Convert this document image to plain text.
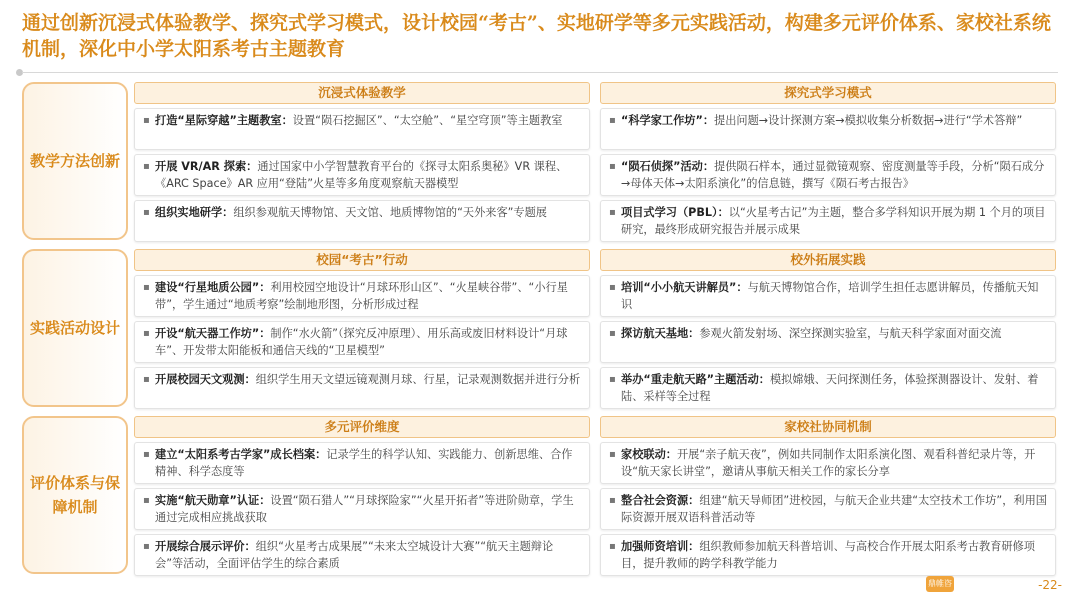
通过创新沉浸式体验教学、探究式学习模式，设计校园“考古”、实地研学等多元实践活动，构建多元评价体系、家校社系统机制，深化中小学太阳系考古主题教育
教学方法创新
沉浸式体验教学
▪ 打造“星际穿越”主题教室：设置“陨石挖掘区”、“太空舱”、“星空穹顶”等主题教室
▪ 开展 VR/AR 探索：通过国家中小学智慧教育平台的《探寻太阳系奥秘》VR 课程、《ARC Space》AR 应用“登陆”火星等多角度观察航天器模型
▪ 组织实地研学：组织参观航天博物馆、天文馆、地质博物馆的“天外来客”专题展
探究式学习模式
▪ “科学家工作坊”：提出问题→设计探测方案→模拟收集分析数据→进行“学术答辩”
▪ “陨石侦探”活动：提供陨石样本，通过显微镜观察、密度测量等手段，分析“陨石成分→母体天体→太阳系演化”的信息链，撰写《陨石考古报告》
▪ 项目式学习（PBL）：以“火星考古记”为主题，整合多学科知识开展为期 1 个月的项目研究，最终形成研究报告并展示成果
实践活动设计
校园“考古”行动
▪ 建设“行星地质公园”：利用校园空地设计“月球环形山区”、“火星峡谷带”、“小行星带”，学生通过“地质考察”绘制地形图，分析形成过程
▪ 开设“航天器工作坊”：制作“水火箭”（探究反冲原理）、用乐高或废旧材料设计“月球车”、开发带太阳能板和通信天线的“卫星模型”
▪ 开展校园天文观测：组织学生用天文望远镜观测月球、行星，记录观测数据并进行分析
校外拓展实践
▪ 培训“小小航天讲解员”：与航天博物馆合作，培训学生担任志愿讲解员，传播航天知识
▪ 探访航天基地：参观火箭发射场、深空探测实验室，与航天科学家面对面交流
▪ 举办“重走航天路”主题活动：模拟嫦娥、天问探测任务，体验探测器设计、发射、着陆、采样等全过程
评价体系与保障机制
多元评价维度
▪ 建立“太阳系考古学家”成长档案：记录学生的科学认知、实践能力、创新思维、合作精神、科学态度等
▪ 实施“航天勋章”认证：设置“陨石猎人”“月球探险家”“火星开拓者”等进阶勋章，学生通过完成相应挑战获取
▪ 开展综合展示评价：组织“火星考古成果展”“未来太空城设计大赛”“航天主题辩论会”等活动，全面评估学生的综合素质
家校社协同机制
▪ 家校联动：开展“亲子航天夜”，例如共同制作太阳系演化图、观看科普纪录片等，开设“航天家长讲堂”，邀请从事航天相关工作的家长分享
▪ 整合社会资源：组建“航天导师团”进校园，与航天企业共建“太空技术工作坊”，利用国际资源开展双语科普活动等
▪ 加强师资培训：组织教师参加航天科普培训、与高校合作开展太阳系考古教育研修项目，提升教师的跨学科教学能力
鼎帷咨询
-22-
